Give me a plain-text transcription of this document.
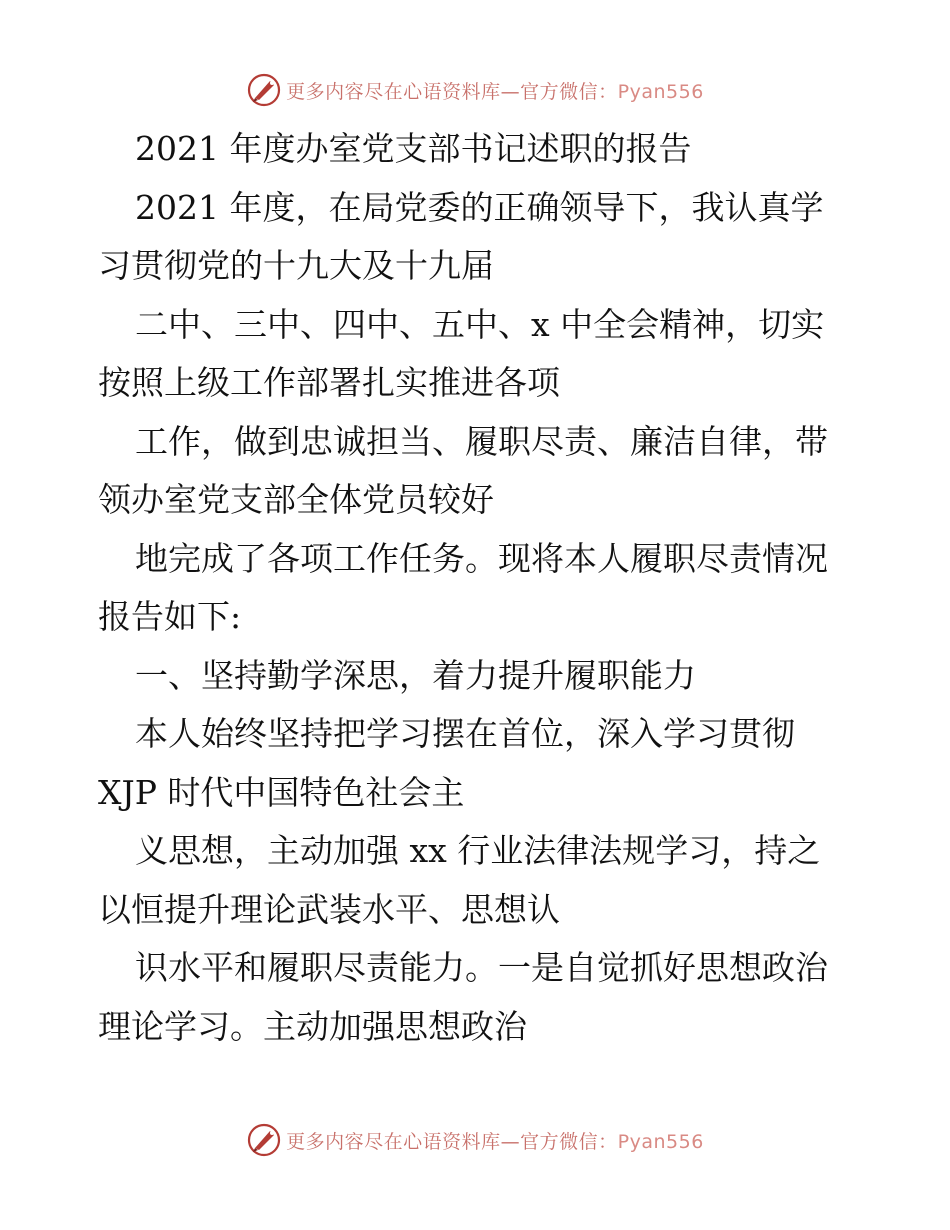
更多内容尽在心语资料库—官方微信：Pyan556
2021 年度办室党支部书记述职的报告
2021 年度，在局党委的正确领导下，我认真学
习贯彻党的十九大及十九届
二中、三中、四中、五中、x 中全会精神，切实
按照上级工作部署扎实推进各项
工作，做到忠诚担当、履职尽责、廉洁自律，带
领办室党支部全体党员较好
地完成了各项工作任务。现将本人履职尽责情况
报告如下:
一、坚持勤学深思，着力提升履职能力
本人始终坚持把学习摆在首位，深入学习贯彻
XJP 时代中国特色社会主
义思想，主动加强 xx 行业法律法规学习，持之
以恒提升理论武装水平、思想认
识水平和履职尽责能力。一是自觉抓好思想政治
理论学习。主动加强思想政治
更多内容尽在心语资料库—官方微信：Pyan556
